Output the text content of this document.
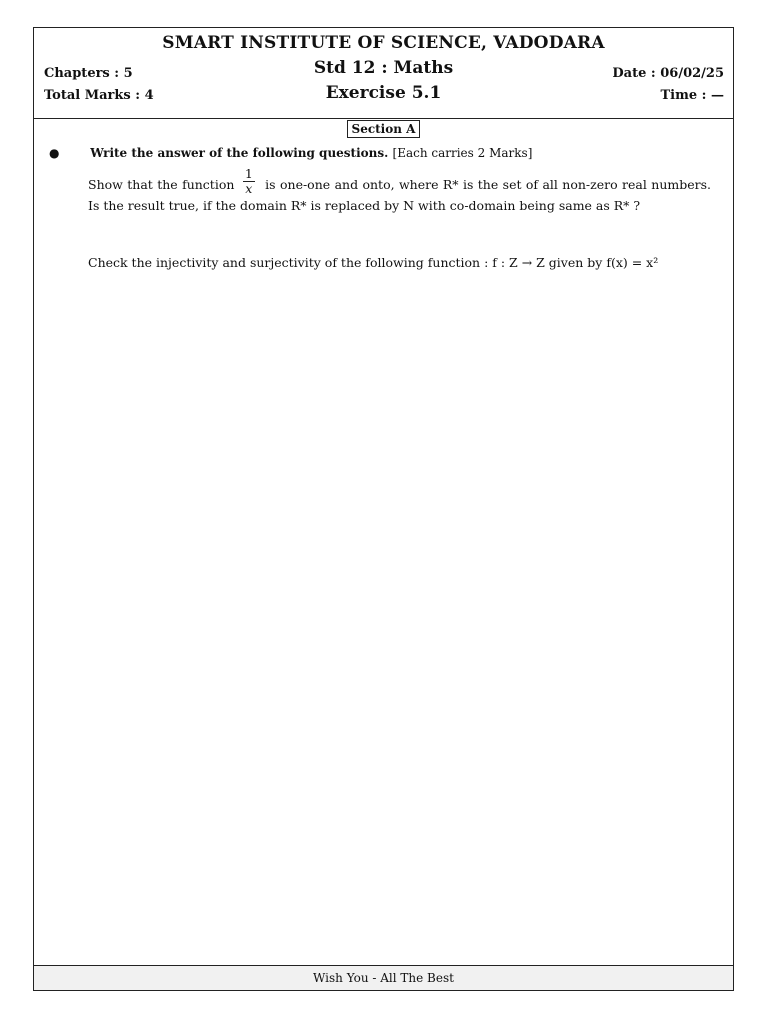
SMART INSTITUTE OF SCIENCE, VADODARA
Std 12 : Maths
Exercise 5.1
Chapters : 5
Total Marks : 4
Date : 06/02/25
Time : —
Section A
●	Write the answer of the following questions. [Each carries 2 Marks]
Show that the function $\frac{1}{x}$ is one-one and onto, where R* is the set of all non-zero real numbers. Is the result true, if the domain R* is replaced by N with co-domain being same as R* ?
Check the injectivity and surjectivity of the following function : f : Z → Z given by f(x) = x²
Wish You - All The Best
